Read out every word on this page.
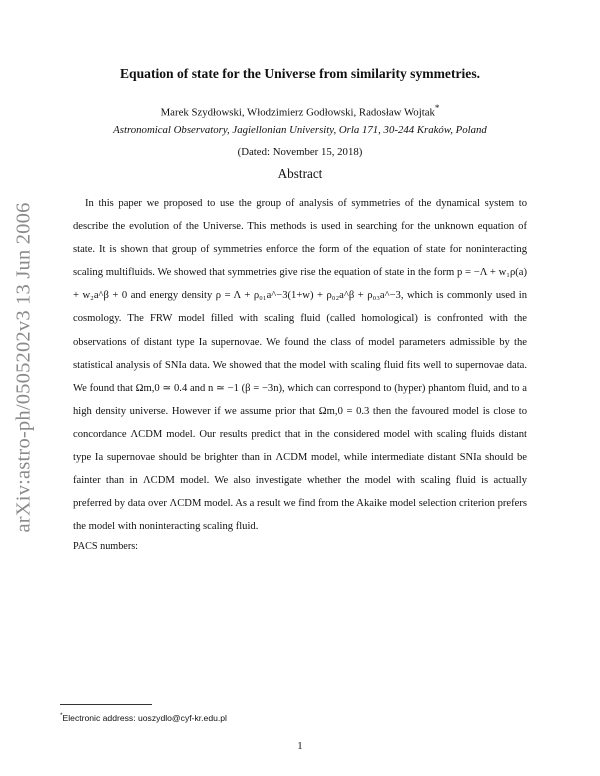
arXiv:astro-ph/0505202v3 13 Jun 2006
Equation of state for the Universe from similarity symmetries.
Marek Szydłowski, Włodzimierz Godłowski, Radosław Wojtak*
Astronomical Observatory, Jagiellonian University, Orla 171, 30-244 Kraków, Poland
(Dated: November 15, 2018)
Abstract

In this paper we proposed to use the group of analysis of symmetries of the dynamical system to describe the evolution of the Universe. This methods is used in searching for the unknown equation of state. It is shown that group of symmetries enforce the form of the equation of state for noninteracting scaling multifluids. We showed that symmetries give rise the equation of state in the form p = −Λ + w₁ρ(a) + w₂a^β + 0 and energy density ρ = Λ + ρ₀₁a^−3(1+w) + ρ₀₂a^β + ρ₀₃a^−3, which is commonly used in cosmology. The FRW model filled with scaling fluid (called homological) is confronted with the observations of distant type Ia supernovae. We found the class of model parameters admissible by the statistical analysis of SNIa data. We showed that the model with scaling fluid fits well to supernovae data. We found that Ωm,0 ≃ 0.4 and n ≃ −1 (β = −3n), which can correspond to (hyper) phantom fluid, and to a high density universe. However if we assume prior that Ωm,0 = 0.3 then the favoured model is close to concordance ΛCDM model. Our results predict that in the considered model with scaling fluids distant type Ia supernovae should be brighter than in ΛCDM model, while intermediate distant SNIa should be fainter than in ΛCDM model. We also investigate whether the model with scaling fluid is actually preferred by data over ΛCDM model. As a result we find from the Akaike model selection criterion prefers the model with noninteracting scaling fluid.

PACS numbers:
*Electronic address: uoszydlo@cyf-kr.edu.pl
1
